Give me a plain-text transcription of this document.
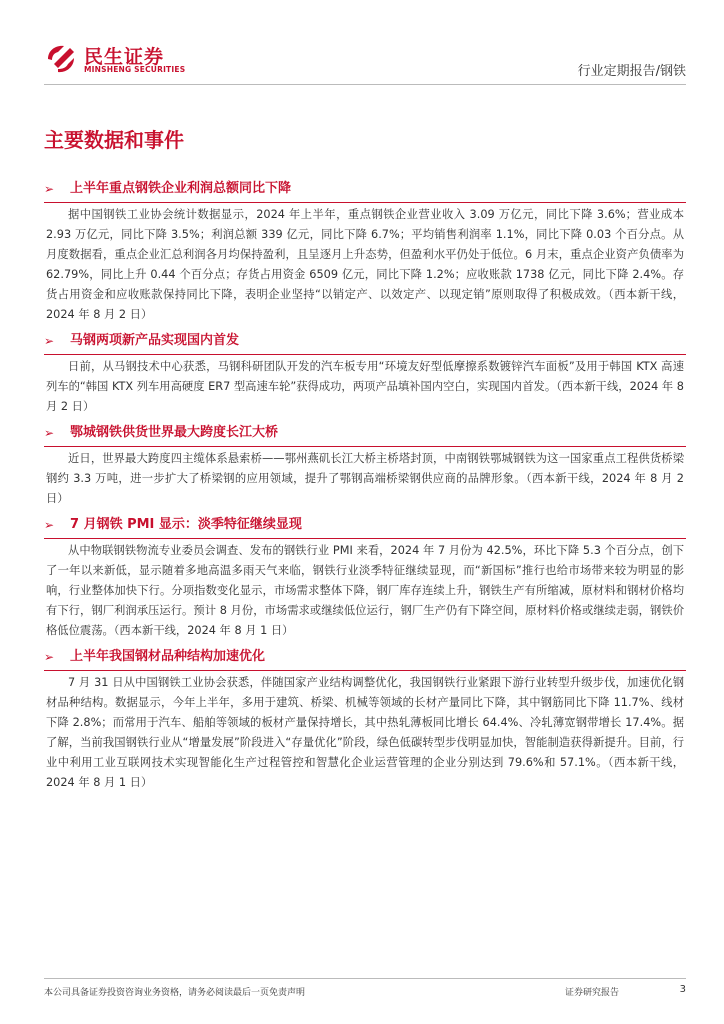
民生证券
MINSHENG SECURITIES	行业定期报告/钢铁
主要数据和事件
➢ 上半年重点钢铁企业利润总额同比下降
据中国钢铁工业协会统计数据显示，2024 年上半年，重点钢铁企业营业收入 3.09 万亿元，同比下降 3.6%；营业成本 2.93 万亿元，同比下降 3.5%；利润总额 339 亿元，同比下降 6.7%；平均销售利润率 1.1%，同比下降 0.03 个百分点。从月度数据看，重点企业汇总利润各月均保持盈利，且呈逐月上升态势，但盈利水平仍处于低位。6 月末，重点企业资产负债率为 62.79%，同比上升 0.44 个百分点；存货占用资金 6509 亿元，同比下降 1.2%；应收账款 1738 亿元，同比下降 2.4%。存货占用资金和应收账款保持同比下降，表明企业坚持“以销定产、以效定产、以现定销”原则取得了积极成效。（西本新干线，2024 年 8 月 2 日）
➢ 马钢两项新产品实现国内首发
日前，从马钢技术中心获悉，马钢科研团队开发的汽车板专用“环境友好型低摩擦系数镀锌汽车面板”及用于韩国 KTX 高速列车的“韩国 KTX 列车用高硬度 ER7 型高速车轮”获得成功，两项产品填补国内空白，实现国内首发。（西本新干线，2024 年 8 月 2 日）
➢ 鄂城钢铁供货世界最大跨度长江大桥
近日，世界最大跨度四主缆体系悬索桥——鄂州燕矶长江大桥主桥塔封顶，中南钢铁鄂城钢铁为这一国家重点工程供货桥梁钢约 3.3 万吨，进一步扩大了桥梁钢的应用领域，提升了鄂钢高端桥梁钢供应商的品牌形象。（西本新干线，2024 年 8 月 2 日）
➢ 7 月钢铁 PMI 显示：淡季特征继续显现
从中物联钢铁物流专业委员会调查、发布的钢铁行业 PMI 来看，2024 年 7 月份为 42.5%，环比下降 5.3 个百分点，创下了一年以来新低，显示随着多地高温多雨天气来临，钢铁行业淡季特征继续显现，而“新国标”推行也给市场带来较为明显的影响，行业整体加快下行。分项指数变化显示，市场需求整体下降，钢厂库存连续上升，钢铁生产有所缩减，原材料和钢材价格均有下行，钢厂利润承压运行。预计 8 月份，市场需求或继续低位运行，钢厂生产仍有下降空间，原材料价格或继续走弱，钢铁价格低位震荡。（西本新干线，2024 年 8 月 1 日）
➢ 上半年我国钢材品种结构加速优化
7 月 31 日从中国钢铁工业协会获悉，伴随国家产业结构调整优化，我国钢铁行业紧跟下游行业转型升级步伐，加速优化钢材品种结构。数据显示，今年上半年，多用于建筑、桥梁、机械等领域的长材产量同比下降，其中钢筋同比下降 11.7%、线材下降 2.8%；而常用于汽车、船舶等领域的板材产量保持增长，其中热轧薄板同比增长 64.4%、冷轧薄宽钢带增长 17.4%。据了解，当前我国钢铁行业从“增量发展”阶段进入“存量优化”阶段，绿色低碳转型步伐明显加快，智能制造获得新提升。目前，行业中利用工业互联网技术实现智能化生产过程管控和智慧化企业运营管理的企业分别达到 79.6%和 57.1%。（西本新干线，2024 年 8 月 1 日）
本公司具备证券投资咨询业务资格，请务必阅读最后一页免责声明	证券研究报告	3
